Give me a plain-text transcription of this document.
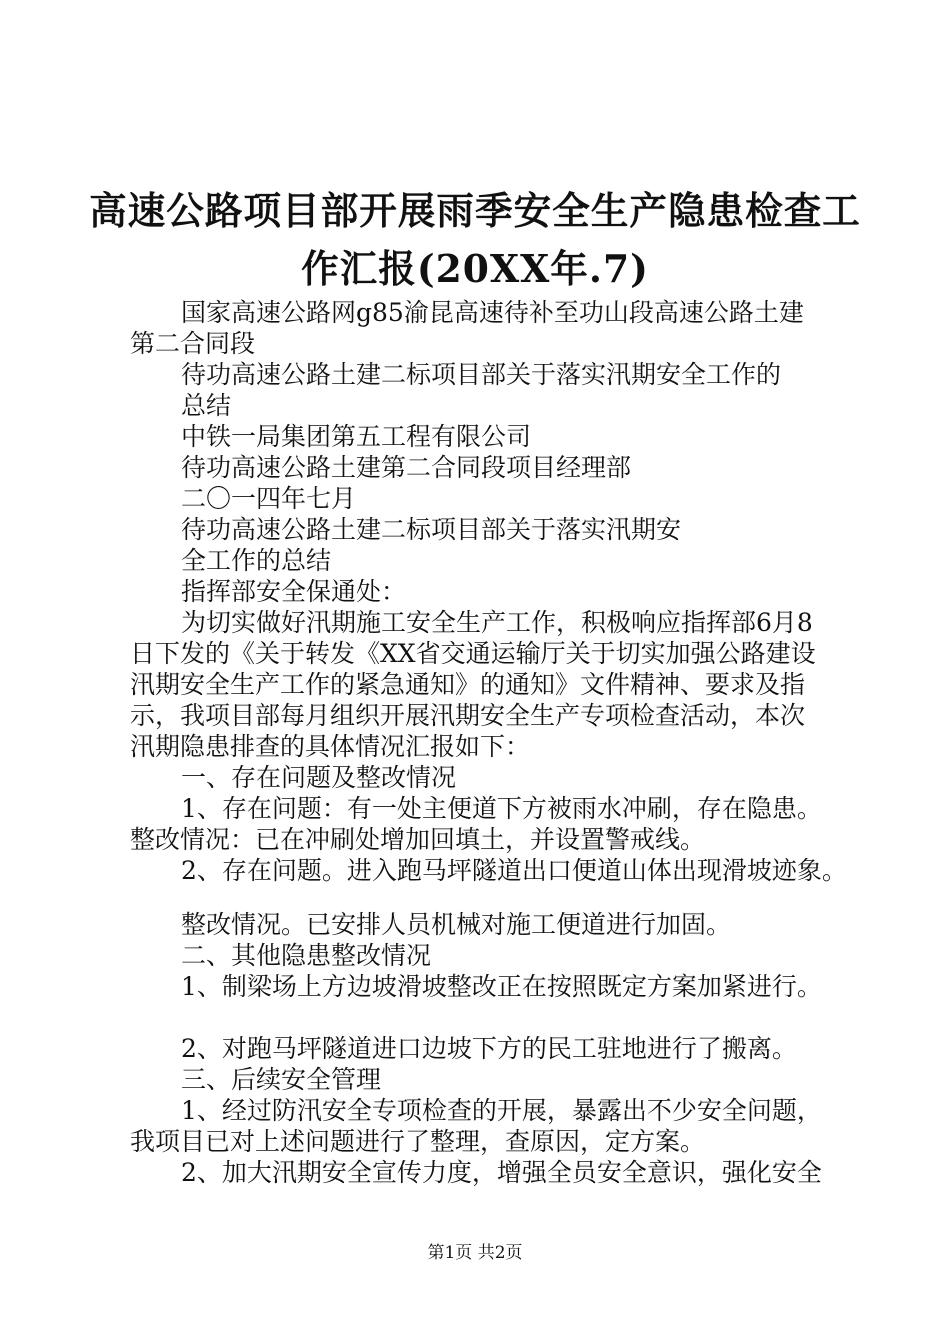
高速公路项目部开展雨季安全生产隐患检查工
作汇报(20XX年.7)

国家高速公路网g85渝昆高速待补至功山段高速公路土建

第二合同段

待功高速公路土建二标项目部关于落实汛期安全工作的

总结

中铁一局集团第五工程有限公司

待功高速公路土建第二合同段项目经理部

二〇一四年七月

待功高速公路土建二标项目部关于落实汛期安

全工作的总结

指挥部安全保通处：

为切实做好汛期施工安全生产工作，积极响应指挥部6月8

日下发的《关于转发《XX省交通运输厅关于切实加强公路建设

汛期安全生产工作的紧急通知》的通知》文件精神、要求及指

示，我项目部每月组织开展汛期安全生产专项检查活动，本次

汛期隐患排查的具体情况汇报如下：

一、存在问题及整改情况

1、存在问题：有一处主便道下方被雨水冲刷，存在隐患。

整改情况：已在冲刷处增加回填土，并设置警戒线。

2、存在问题。进入跑马坪隧道出口便道山体出现滑坡迹象。

整改情况。已安排人员机械对施工便道进行加固。

二、其他隐患整改情况

1、制梁场上方边坡滑坡整改正在按照既定方案加紧进行。

2、对跑马坪隧道进口边坡下方的民工驻地进行了搬离。

三、后续安全管理

1、经过防汛安全专项检查的开展，暴露出不少安全问题，

我项目已对上述问题进行了整理，查原因，定方案。

2、加大汛期安全宣传力度，增强全员安全意识，强化安全

第1页 共2页
